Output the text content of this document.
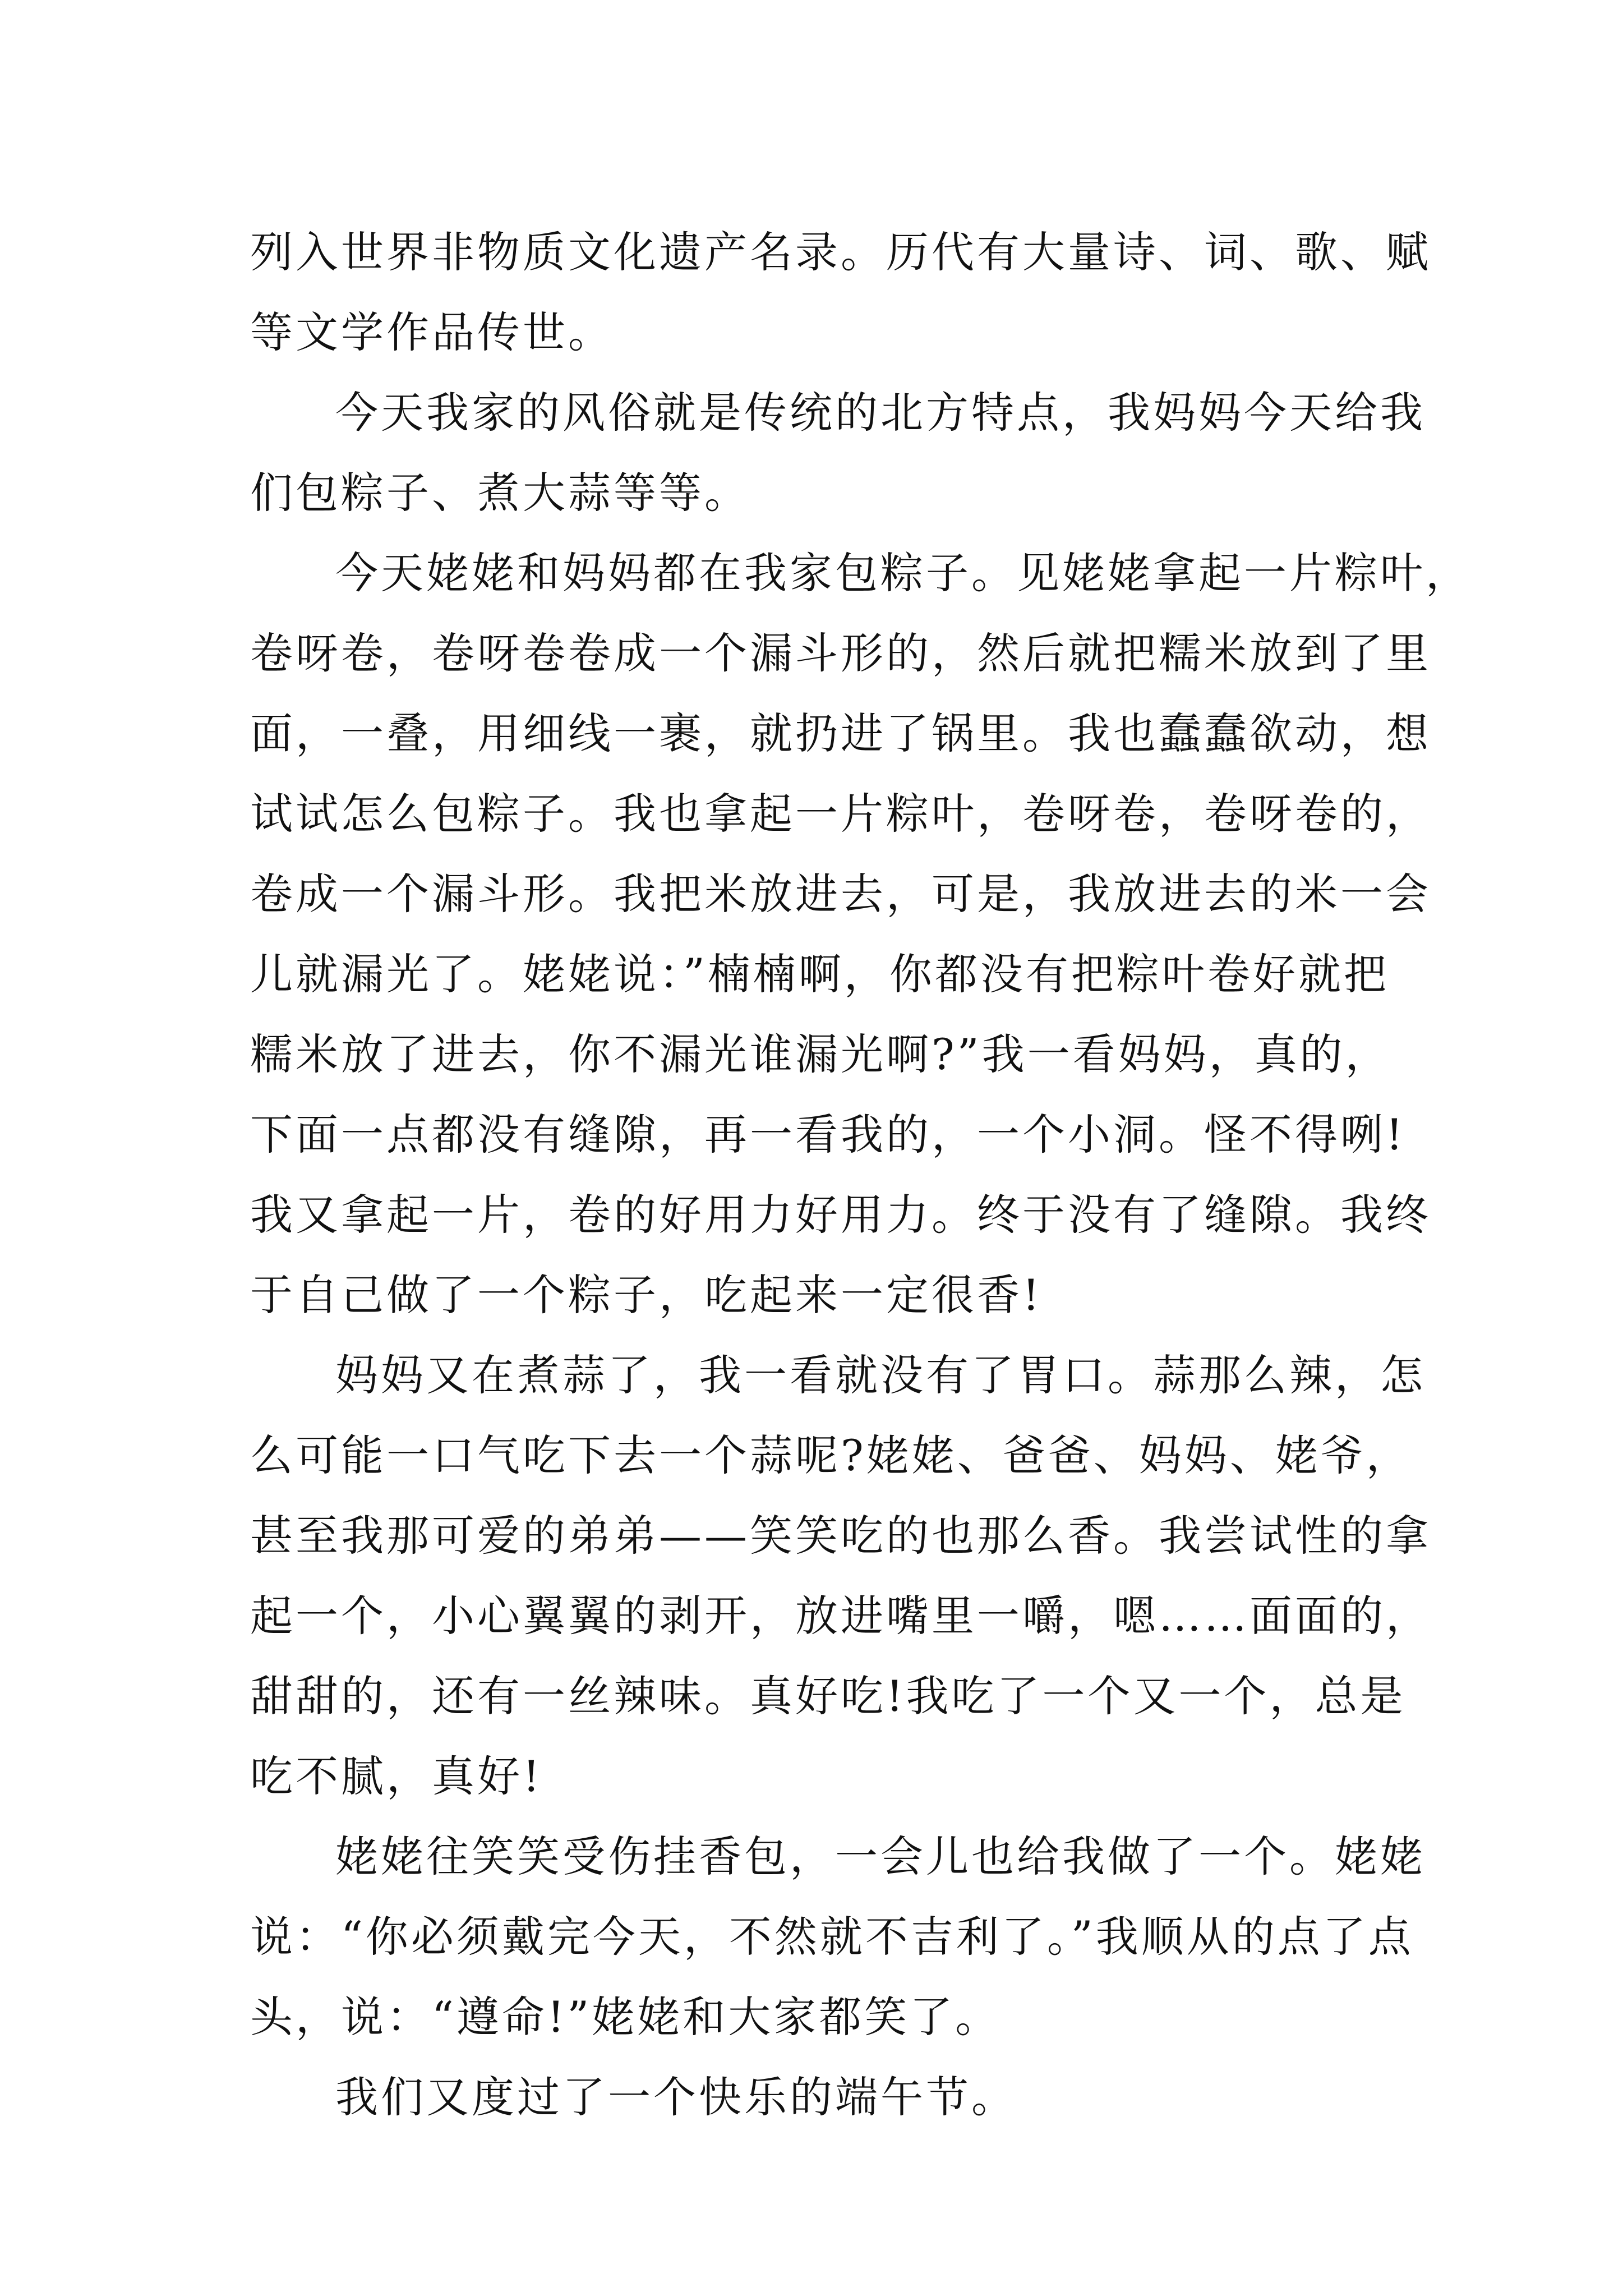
列入世界非物质文化遗产名录。历代有大量诗、词、歌、赋
等文学作品传世。
今天我家的风俗就是传统的北方特点，我妈妈今天给我
们包粽子、煮大蒜等等。
今天姥姥和妈妈都在我家包粽子。见姥姥拿起一片粽叶，
卷呀卷，卷呀卷卷成一个漏斗形的，然后就把糯米放到了里
面，一叠，用细线一裹，就扔进了锅里。我也蠢蠢欲动，想
试试怎么包粽子。我也拿起一片粽叶，卷呀卷，卷呀卷的，
卷成一个漏斗形。我把米放进去，可是，我放进去的米一会
儿就漏光了。姥姥说：”楠楠啊，你都没有把粽叶卷好就把
糯米放了进去，你不漏光谁漏光啊?”我一看妈妈，真的，
下面一点都没有缝隙，再一看我的，一个小洞。怪不得咧!
我又拿起一片，卷的好用力好用力。终于没有了缝隙。我终
于自己做了一个粽子，吃起来一定很香!
妈妈又在煮蒜了，我一看就没有了胃口。蒜那么辣，怎
么可能一口气吃下去一个蒜呢?姥姥、爸爸、妈妈、姥爷，
甚至我那可爱的弟弟——笑笑吃的也那么香。我尝试性的拿
起一个，小心翼翼的剥开，放进嘴里一嚼，嗯……面面的，
甜甜的，还有一丝辣味。真好吃!我吃了一个又一个，总是
吃不腻，真好!
姥姥往笑笑受伤挂香包，一会儿也给我做了一个。姥姥
说：“你必须戴完今天，不然就不吉利了。”我顺从的点了点
头，说：“遵命!”姥姥和大家都笑了。
我们又度过了一个快乐的端午节。
